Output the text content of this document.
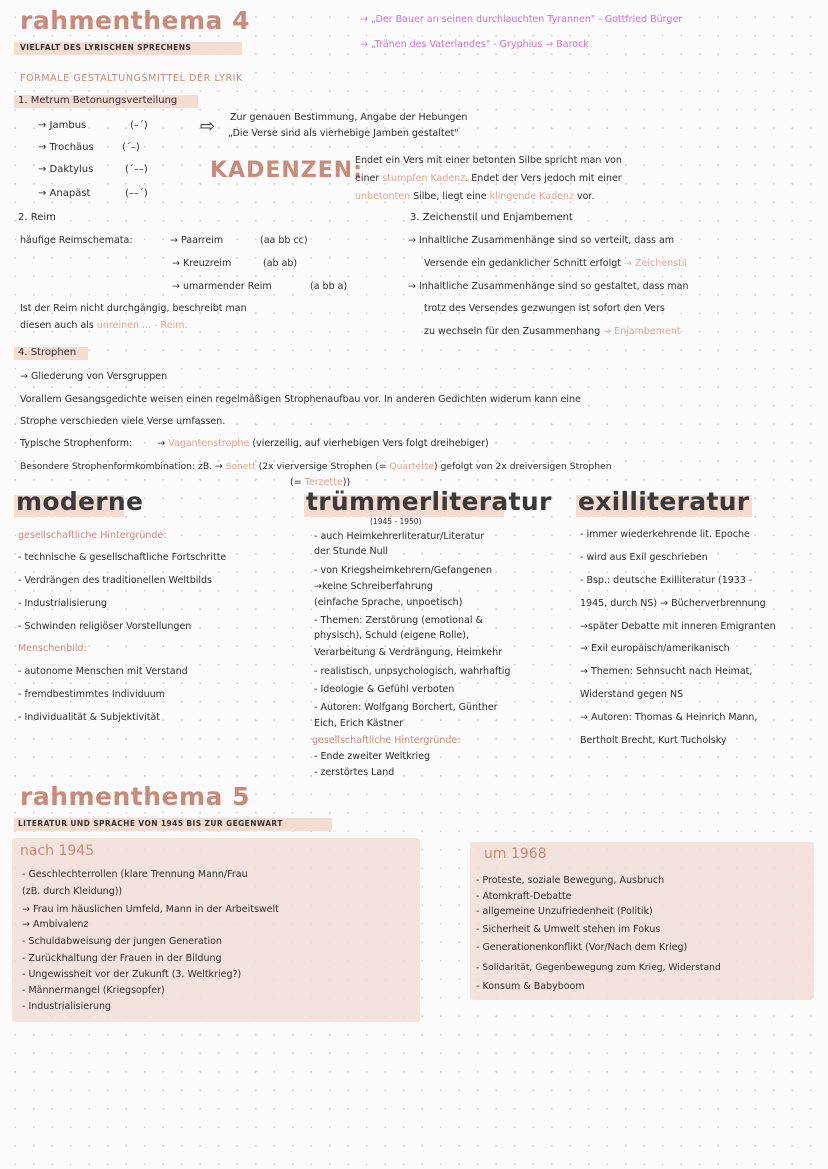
rahmenthema 4
VIELFALT DES LYRISCHEN SPRECHENS
→ „Der Bauer an seinen durchlauchten Tyrannen" - Gottfried Bürger
→ „Tränen des Vaterlandes" - Gryphius → Barock
FORMALE GESTALTUNGSMITTEL DER LYRIK
1. Metrum Betonungsverteilung
→ Jambus	(–´)
→ Trochäus	(´–)
→ Daktylus	(´––)
→ Anapäst	(––´)
⇨ Zur genauen Bestimmung, Angabe der Hebungen
„Die Verse sind als vierhebige Jamben gestaltet"
KADENZEN:
Endet ein Vers mit einer betonten Silbe spricht man von
einer stumpfen Kadenz. Endet der Vers jedoch mit einer
unbetonten Silbe, liegt eine klingende Kadenz vor.
2. Reim
häufige Reimschemata:	→ Paarreim	(aa bb cc)
→ Kreuzreim	(ab ab)
→ umarmender Reim	(a bb a)
Ist der Reim nicht durchgängig, beschreibt man
diesen auch als unreinen ... - Reim.
3. Zeichenstil und Enjambement
→ Inhaltliche Zusammenhänge sind so verteilt, dass am
Versende ein gedanklicher Schnitt erfolgt → Zeichenstil
→ Inhaltliche Zusammenhänge sind so gestaltet, dass man
trotz des Versendes gezwungen ist sofort den Vers
zu wechseln für den Zusammenhang → Enjambement
4. Strophen
→ Gliederung von Versgruppen
Vorallem Gesangsgedichte weisen einen regelmäßigen Strophenaufbau vor. In anderen Gedichten widerum kann eine
Strophe verschieden viele Verse umfassen.
Typische Strophenform:	→ Vagantenstrophe (vierzeilig, auf vierhebigen Vers folgt dreihebiger)
Besondere Strophenformkombination: zB. → Sonett (2x vierversige Strophen (= Quartette) gefolgt von 2x dreiversigen Strophen
(= Terzette))
moderne
gesellschaftliche Hintergründe:
- technische & gesellschaftliche Fortschritte
- Verdrängen des traditionellen Weltbilds
- Industrialisierung
- Schwinden religiöser Vorstellungen
Menschenbild:
- autonome Menschen mit Verstand
- fremdbestimmtes Individuum
- Individualität & Subjektivität
trümmerliteratur
(1945 - 1950)
- auch Heimkehrerliteratur/Literatur
der Stunde Null
- von Kriegsheimkehrern/Gefangenen
→keine Schreiberfahrung
(einfache Sprache, unpoetisch)
- Themen: Zerstörung (emotional &
physisch), Schuld (eigene Rolle),
Verarbeitung & Verdrängung, Heimkehr
- realistisch, unpsychologisch, wahrhaftig
- Ideologie & Gefühl verboten
- Autoren: Wolfgang Borchert, Günther
Eich, Erich Kästner
gesellschaftliche Hintergründe:
- Ende zweiter Weltkrieg
- zerstörtes Land
exilliteratur
- immer wiederkehrende lit. Epoche
- wird aus Exil geschrieben
- Bsp.: deutsche Exilliteratur (1933 -
1945, durch NS) → Bücherverbrennung
→später Debatte mit inneren Emigranten
→ Exil europäisch/amerikanisch
→ Themen: Sehnsucht nach Heimat,
Widerstand gegen NS
→ Autoren: Thomas & Heinrich Mann,
Bertholt Brecht, Kurt Tucholsky
rahmenthema 5
LITERATUR UND SPRACHE VON 1945 BIS ZUR GEGENWART
nach 1945
- Geschlechterrollen (klare Trennung Mann/Frau
(zB. durch Kleidung))
→ Frau im häuslichen Umfeld, Mann in der Arbeitswelt
→ Ambivalenz
- Schuldabweisung der jungen Generation
- Zurückhaltung der Frauen in der Bildung
- Ungewissheit vor der Zukunft (3. Weltkrieg?)
- Männermangel (Kriegsopfer)
- Industrialisierung
um 1968
- Proteste, soziale Bewegung, Ausbruch
- Atomkraft-Debatte
- allgemeine Unzufriedenheit (Politik)
- Sicherheit & Umwelt stehen im Fokus
- Generationenkonflikt (Vor/Nach dem Krieg)
- Solidarität, Gegenbewegung zum Krieg, Widerstand
- Konsum & Babyboom
